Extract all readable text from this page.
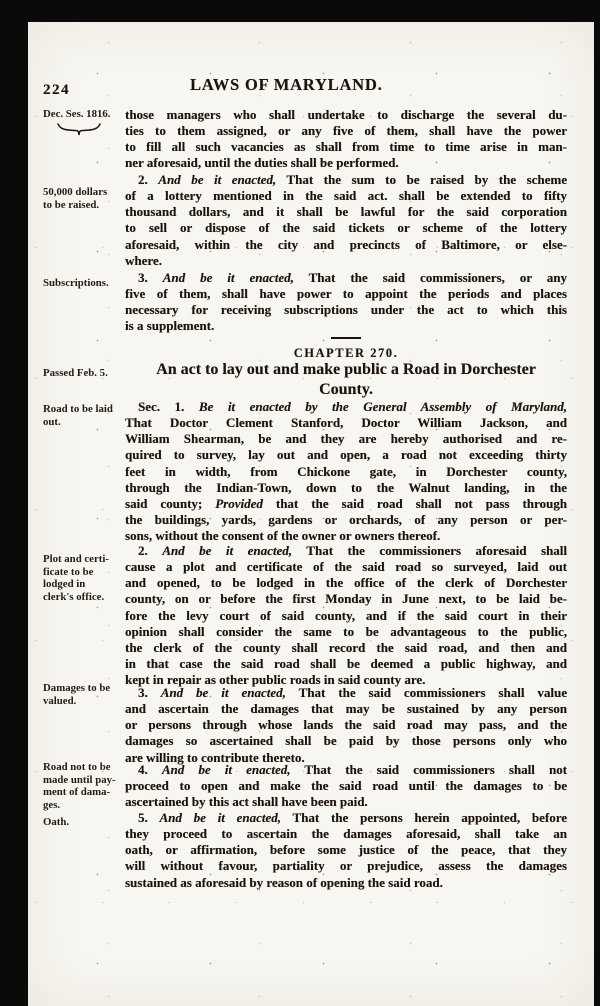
224	LAWS OF MARYLAND.
Dec. Ses. 1816.
50,000 dollars
to be raised.
Subscriptions.
Passed Feb. 5.
Road to be laid
out.
Plot and certi-
ficate to be
lodged in
clerk's office.
Damages to be
valued.
Road not to be
made until pay-
ment of dama-
ges.
Oath.
those managers who shall undertake to discharge the several du-
ties to them assigned, or any five of them, shall have the power
to fill all such vacancies as shall from time to time arise in man-
ner aforesaid, until the duties shall be performed.
2. And be it enacted, That the sum to be raised by the scheme
of a lottery mentioned in the said act. shall be extended to fifty
thousand dollars, and it shall be lawful for the said corporation
to sell or dispose of the said tickets or scheme of the lottery
aforesaid, within the city and precincts of Baltimore, or else-
where.
3. And be it enacted, That the said commissioners, or any
five of them, shall have power to appoint the periods and places
necessary for receiving subscriptions under the act to which this
is a supplement.
CHAPTER 270.
An act to lay out and make public a Road in Dorchester
County.
Sec. 1. Be it enacted by the General Assembly of Maryland,
That Doctor Clement Stanford, Doctor William Jackson, and
William Shearman, be and they are hereby authorised and re-
quired to survey, lay out and open, a road not exceeding thirty
feet in width, from Chickone gate, in Dorchester county,
through the Indian-Town, down to the Walnut landing, in the
said county; Provided that the said road shall not pass through
the buildings, yards, gardens or orchards, of any person or per-
sons, without the consent of the owner or owners thereof.
2. And be it enacted, That the commissioners aforesaid shall
cause a plot and certificate of the said road so surveyed, laid out
and opened, to be lodged in the office of the clerk of Dorchester
county, on or before the first Monday in June next, to be laid be-
fore the levy court of said county, and if the said court in their
opinion shall consider the same to be advantageous to the public,
the clerk of the county shall record the said road, and then and
in that case the said road shall be deemed a public highway, and
kept in repair as other public roads in said county are.
3. And be it enacted, That the said commissioners shall value
and ascertain the damages that may be sustained by any person
or persons through whose lands the said road may pass, and the
damages so ascertained shall be paid by those persons only who
are willing to contribute thereto.
4. And be it enacted, That the said commissioners shall not
proceed to open and make the said road until the damages to be
ascertained by this act shall have been paid.
5. And be it enacted, That the persons herein appointed, before
they proceed to ascertain the damages aforesaid, shall take an
oath, or affirmation, before some justice of the peace, that they
will without favour, partiality or prejudice, assess the damages
sustained as aforesaid by reason of opening the said road.
